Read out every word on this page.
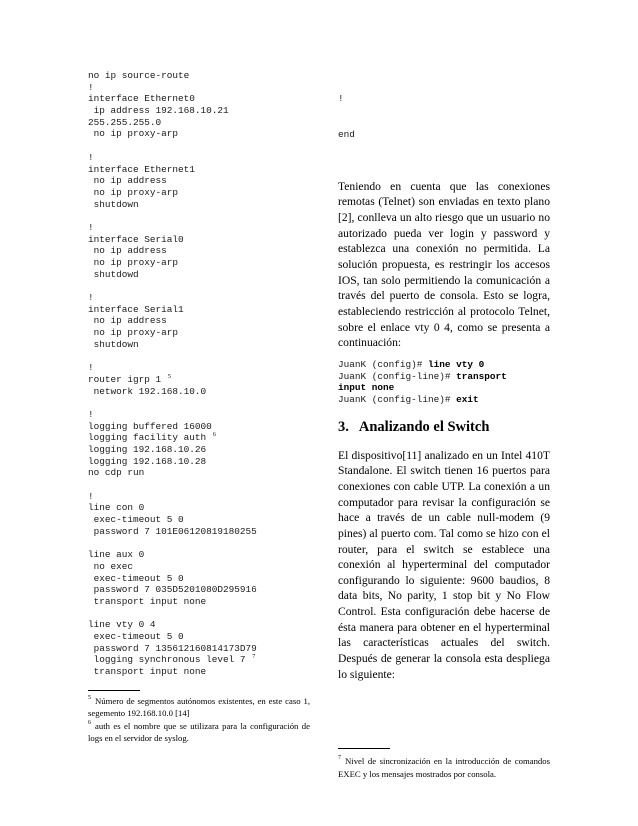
no ip source-route
!
interface Ethernet0
ip address 192.168.10.21
255.255.255.0
no ip proxy-arp
!
interface Ethernet1
no ip address
no ip proxy-arp
shutdown
!
interface Serial0
no ip address
no ip proxy-arp
shutdowd
!
interface Serial1
no ip address
no ip proxy-arp
shutdown
!
router igrp 1 $^5$
network 192.168.10.0
!
logging buffered 16000
logging facility auth $^6$
logging 192.168.10.26
logging 192.168.10.28
no cdp run
!
line con 0
exec-timeout 5 0
password 7 101E06120819180255
line aux 0
no exec
exec-timeout 5 0
password 7 035D5201080D295916
transport input none
line vty 0 4
exec-timeout 5 0
password 7 135612160814173D79
logging synchronous level 7 $^7$
transport input none

$^5$ Número de segmentos autónomos existentes, en este caso 1, segemento 192.168.10.0 [14]

$^6$ auth es el nombre que se utilizara para la configuración de logs en el servidor de syslog.

!

end

Teniendo en cuenta que las conexiones remotas (Telnet) son enviadas en texto plano [2], conlleva un alto riesgo que un usuario no autorizado pueda ver login y password y establezca una conexión no permitida. La solución propuesta, es restringir los accesos IOS, tan solo permitiendo la comunicación a través del puerto de consola. Esto se logra, estableciendo restricción al protocolo Telnet, sobre el enlace vty 0 4, como se presenta a continuación:

JuanK (config)# line vty 0
JuanK (config-line)# transport
input none
JuanK (config-line)# exit
3. Analizando el Switch

El dispositivo[11] analizado en un Intel 410T Standalone. El switch tienen 16 puertos para conexiones con cable UTP. La conexión a un computador para revisar la configuración se hace a través de un cable null-modem (9 pines) al puerto com. Tal como se hizo con el router, para el switch se establece una conexión al hyperterminal del computador configurando lo siguiente: 9600 baudios, 8 data bits, No parity, 1 stop bit y No Flow Control. Esta configuración debe hacerse de ésta manera para obtener en el hyperterminal las características actuales del switch. Después de generar la consola esta despliega lo siguiente:

$^7$ Nivel de sincronización en la introducción de comandos EXEC y los mensajes mostrados por consola.
